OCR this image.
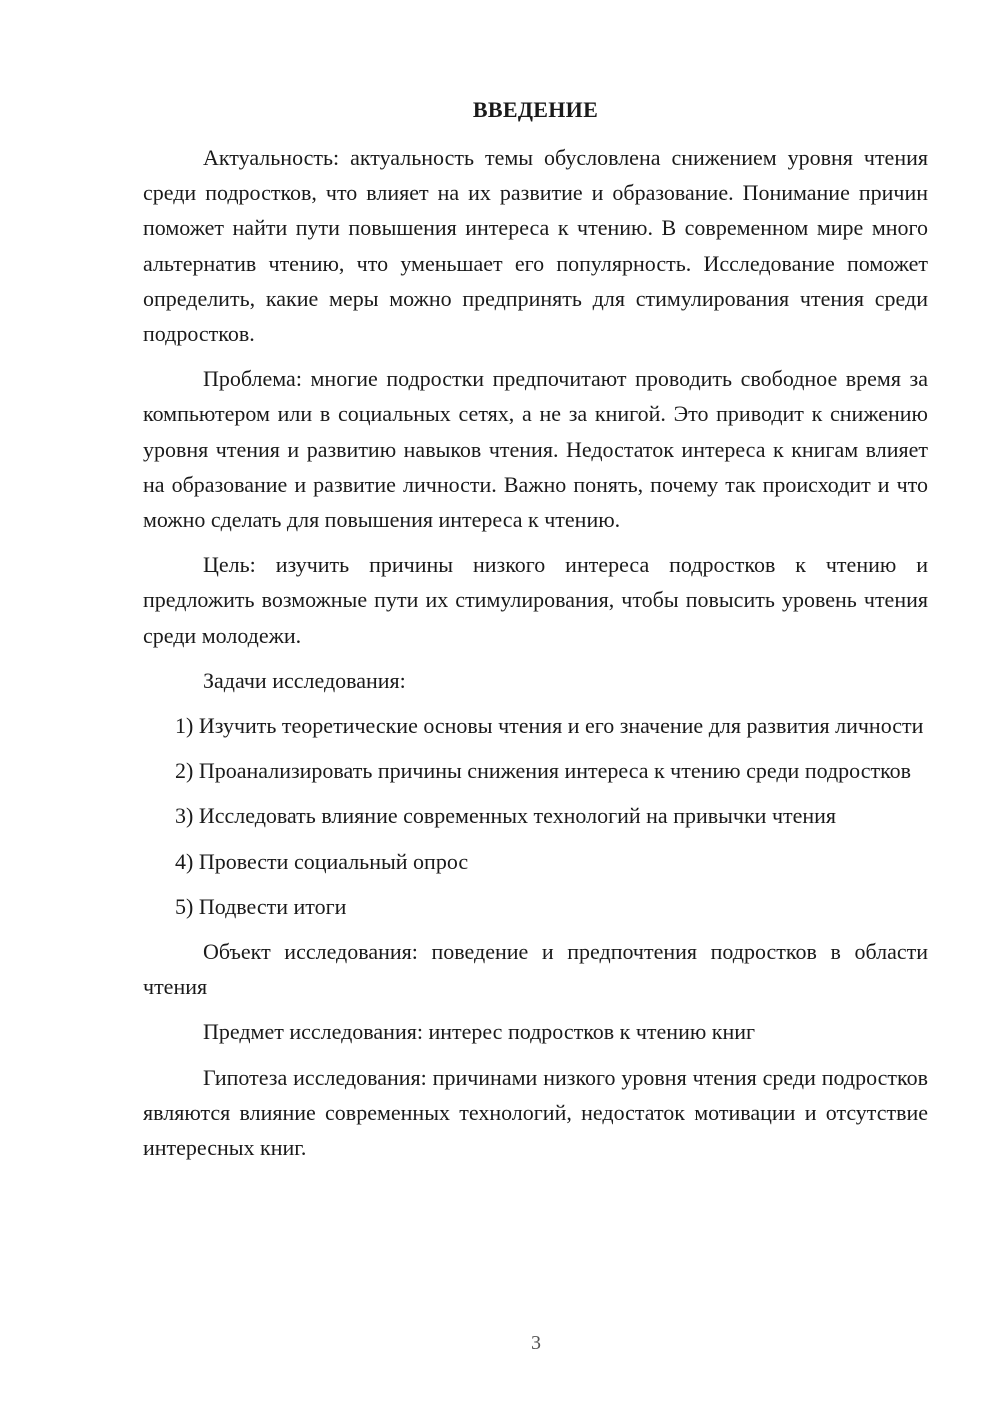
ВВЕДЕНИЕ

Актуальность: актуальность темы обусловлена снижением уровня чтения среди подростков, что влияет на их развитие и образование. Понимание причин поможет найти пути повышения интереса к чтению. В современном мире много альтернатив чтению, что уменьшает его популярность. Исследование поможет определить, какие меры можно предпринять для стимулирования чтения среди подростков.

Проблема: многие подростки предпочитают проводить свободное время за компьютером или в социальных сетях, а не за книгой. Это приводит к снижению уровня чтения и развитию навыков чтения. Недостаток интереса к книгам влияет на образование и развитие личности. Важно понять, почему так происходит и что можно сделать для повышения интереса к чтению.

Цель: изучить причины низкого интереса подростков к чтению и предложить возможные пути их стимулирования, чтобы повысить уровень чтения среди молодежи.

Задачи исследования:

1) Изучить теоретические основы чтения и его значение для развития личности

2) Проанализировать причины снижения интереса к чтению среди подростков

3) Исследовать влияние современных технологий на привычки чтения

4) Провести социальный опрос

5) Подвести итоги

Объект исследования: поведение и предпочтения подростков в области чтения

Предмет исследования: интерес подростков к чтению книг

Гипотеза исследования: причинами низкого уровня чтения среди подростков являются влияние современных технологий, недостаток мотивации и отсутствие интересных книг.

3
